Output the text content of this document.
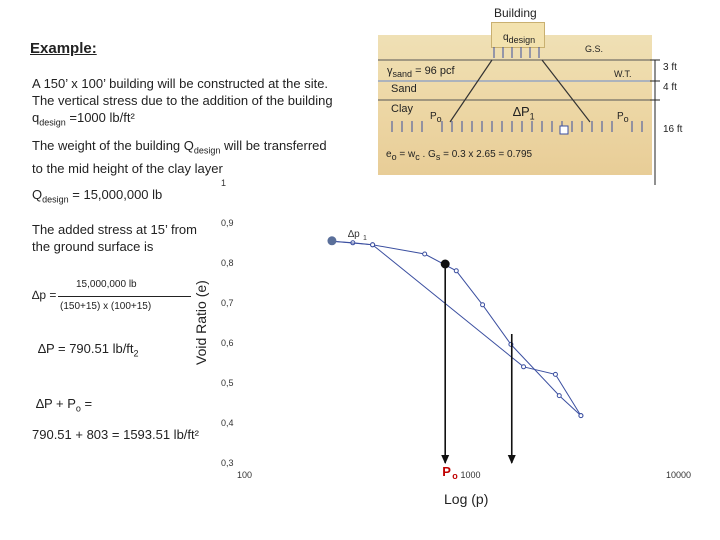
Example:
A 150’ x 100’ building will be constructed at the site.
The vertical stress due to the addition of the building
$q_{design} =1000$ lb/ft²
The weight of the building $Q_{design}$ will be transferred
to the mid height of the clay layer
$Q_{design} = 15,000,000$ lb
The added stress at 15’ from
the ground surface is
∆p =
15,000,000 lb
(150+15) x (100+15)
∆P = 790.51 $lb/ft_2$
$\Delta P + P_o$ =
790.51 + 803 = 1593.51 lb/ft²
Building
$q_{design}$
G.S.
$\gamma_{sand} = 96$ pcf	W.T.
Sand
Clay
$P_o$	$P_o$
$\Delta P_1$
$e_o = w_c$ . $G_s = 0.3$ x 2.65 = 0.795
3 ft
4 ft
16 ft
Void Ratio (e)
Log (p)
0,3
0,4
0,5
0,6
0,7
0,8
0,9
1
100	1000	10000
P o
∆p 1
